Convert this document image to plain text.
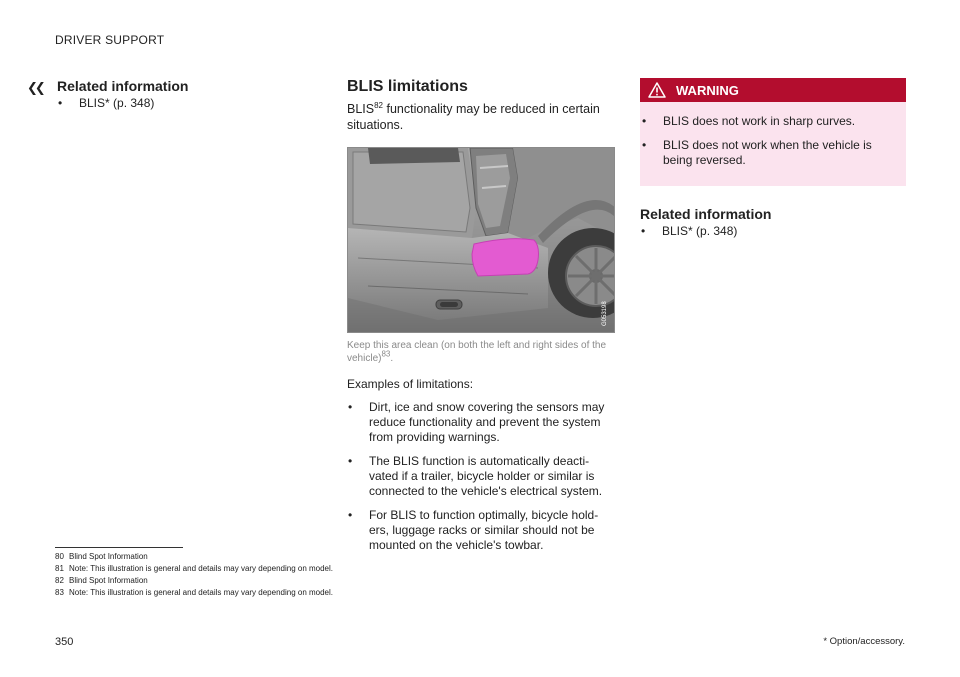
DRIVER SUPPORT
❮❮ Related information
• BLIS* (p. 348)
BLIS limitations

BLIS$^{82}$ functionality may be reduced in certain situations.

G053198

Keep this area clean (on both the left and right sides of the vehicle)$^{83}$.

Examples of limitations:

• Dirt, ice and snow covering the sensors may reduce functionality and prevent the system from providing warnings.
• The BLIS function is automatically deacti-vated if a trailer, bicycle holder or similar is connected to the vehicle's electrical system.
• For BLIS to function optimally, bicycle hold-ers, luggage racks or similar should not be mounted on the vehicle's towbar.
WARNING
• BLIS does not work in sharp curves.
• BLIS does not work when the vehicle is being reversed.
Related information
• BLIS* (p. 348)
80 Blind Spot Information
81 Note: This illustration is general and details may vary depending on model.
82 Blind Spot Information
83 Note: This illustration is general and details may vary depending on model.
350	* Option/accessory.
